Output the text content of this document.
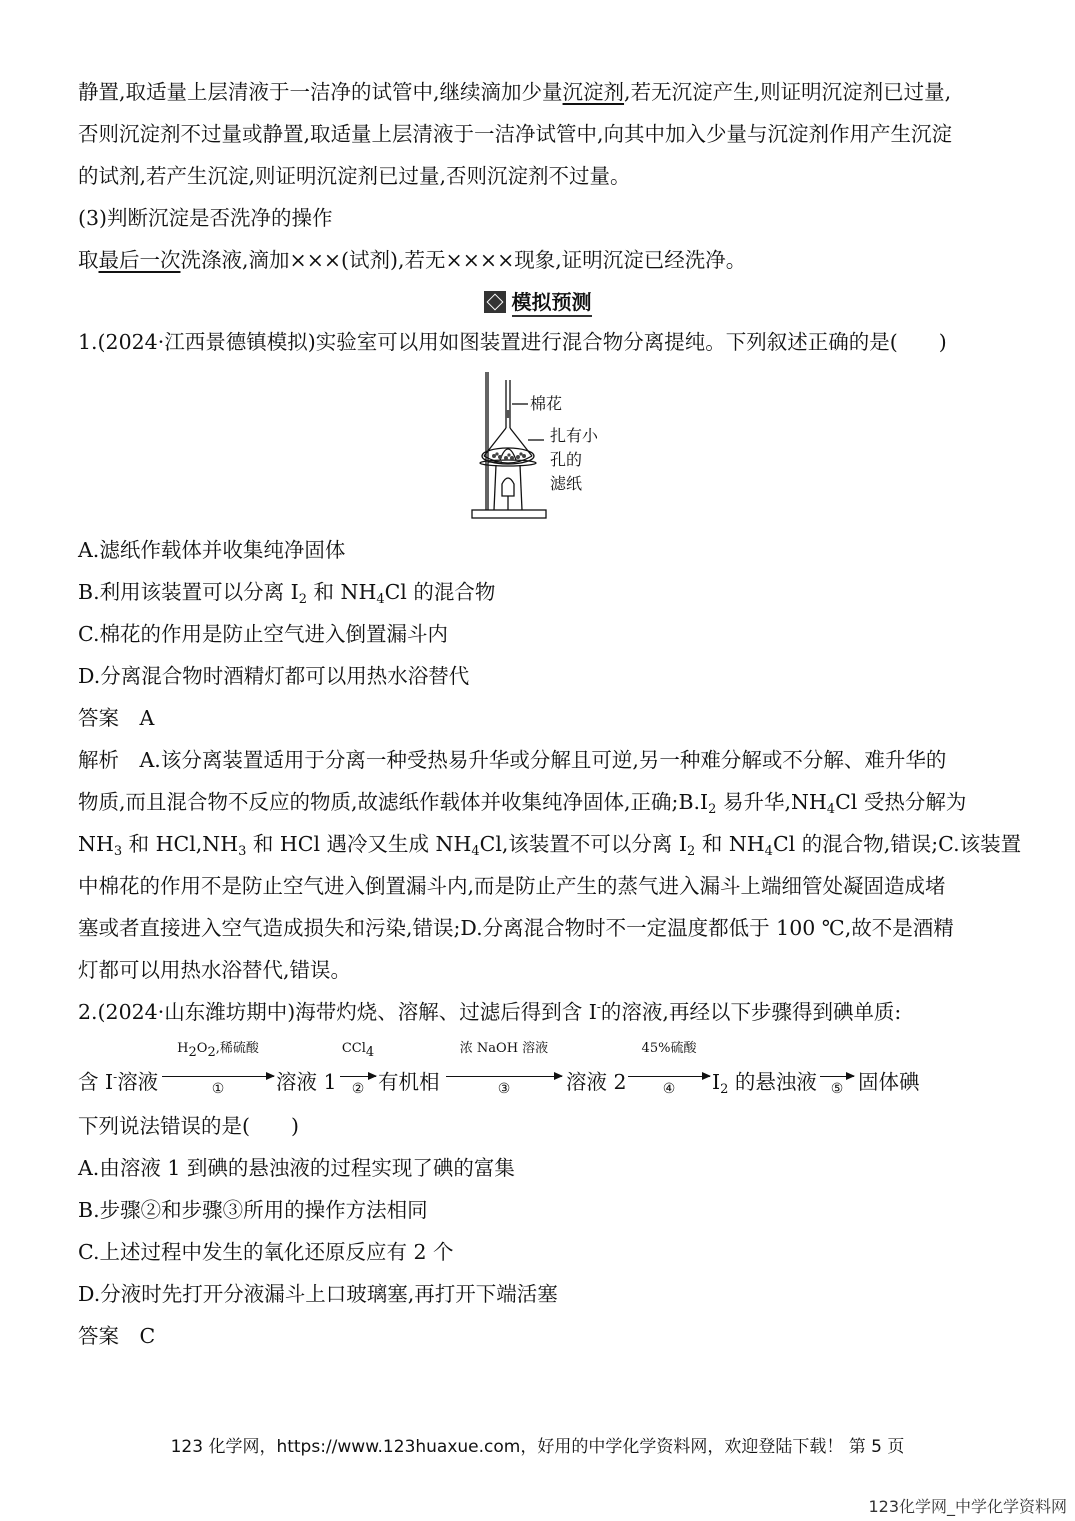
静置,取适量上层清液于一洁净的试管中,继续滴加少量沉淀剂,若无沉淀产生,则证明沉淀剂已过量,
否则沉淀剂不过量或静置,取适量上层清液于一洁净试管中,向其中加入少量与沉淀剂作用产生沉淀
的试剂,若产生沉淀,则证明沉淀剂已过量,否则沉淀剂不过量。
(3)判断沉淀是否洗净的操作
取最后一次洗涤液,滴加×××(试剂),若无××××现象,证明沉淀已经洗净。
模拟预测
1.(2024·江西景德镇模拟)实验室可以用如图装置进行混合物分离提纯。下列叙述正确的是(　　)
棉花
扎有小
孔的
滤纸
A.滤纸作载体并收集纯净固体
B.利用该装置可以分离 $I_2$ 和 $NH_4Cl$ 的混合物
C.棉花的作用是防止空气进入倒置漏斗内
D.分离混合物时酒精灯都可以用热水浴替代
答案　 A
解析　 A.该分离装置适用于分离一种受热易升华或分解且可逆,另一种难分解或不分解、难升华的
物质,而且混合物不反应的物质,故滤纸作载体并收集纯净固体,正确$;B.I_2$ 易升华$,NH_4Cl$ 受热分解为
$NH_3$ 和 $HCl,NH_3$ 和 HCl 遇冷又生成 $NH_4Cl$,该装置不可以分离 $I_2$ 和 $NH_4Cl$ 的混合物,错误;C.该装置
中棉花的作用不是防止空气进入倒置漏斗内,而是防止产生的蒸气进入漏斗上端细管处凝固造成堵
塞或者直接进入空气造成损失和污染,错误;D.分离混合物时不一定温度都低于 100 ℃,故不是酒精
灯都可以用热水浴替代,错误。
2.(2024·山东潍坊期中)海带灼烧、溶解、过滤后得到含 I-的溶液,再经以下步骤得到碘单质:
含 I-溶液
$H_2O_2$,稀硫酸
①	溶液 1
CCl$_4$
② 有机相
浓 NaOH 溶液
③	溶液 2
45%硫酸
④	$I_2$ 的悬浊液 ⑤ 固体碘
下列说法错误的是(　　)
A.由溶液 1 到碘的悬浊液的过程实现了碘的富集
B.步骤②和步骤③所用的操作方法相同
C.上述过程中发生的氧化还原反应有 2 个
D.分液时先打开分液漏斗上口玻璃塞,再打开下端活塞
答案　 C
123 化学网，https://www.123huaxue.com，好用的中学化学资料网，欢迎登陆下载！ 第 5 页
123化学网_中学化学资料网
